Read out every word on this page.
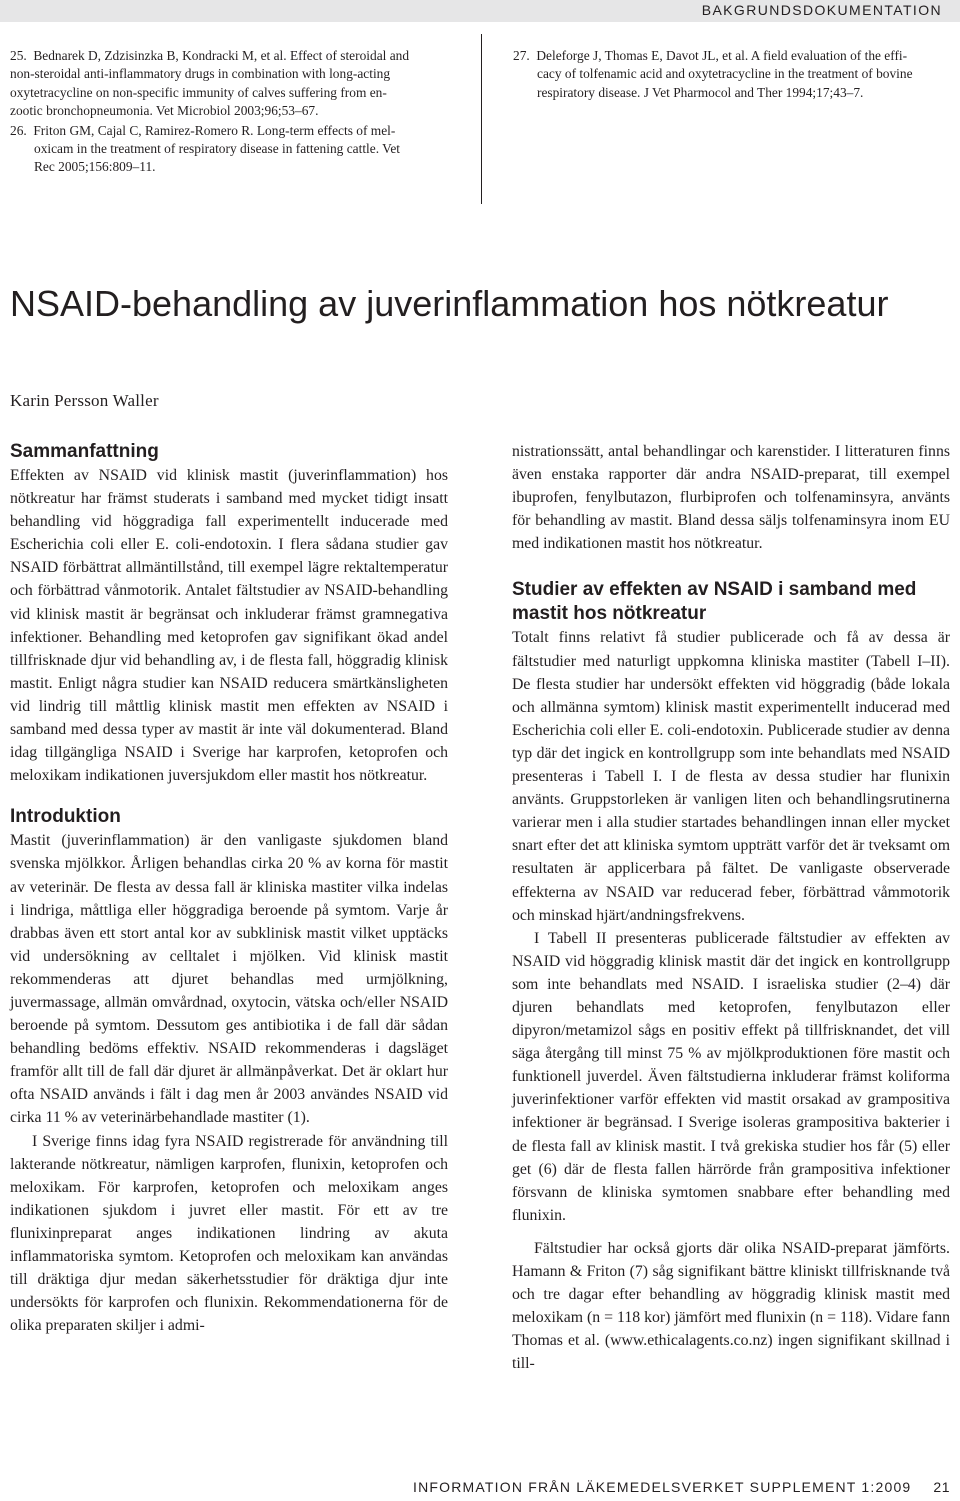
BAKGRUNDSDOKUMENTATION
25. Bednarek D, Zdzisinzka B, Kondracki M, et al. Effect of steroidal and
non-steroidal anti-inflammatory drugs in combination with long-acting
oxytetracycline on non-specific immunity of calves suffering from en-
zootic bronchopneumonia. Vet Microbiol 2003;96;53–67.
26. Friton GM, Cajal C, Ramirez-Romero R. Long-term effects of mel-
oxicam in the treatment of respiratory disease in fattening cattle. Vet
Rec 2005;156:809–11.
27. Deleforge J, Thomas E, Davot JL, et al. A field evaluation of the effi-
cacy of tolfenamic acid and oxytetracycline in the treatment of bovine
respiratory disease. J Vet Pharmocol and Ther 1994;17;43–7.
NSAID-behandling av juverinflammation hos nötkreatur
Karin Persson Waller
Sammanfattning

Effekten av NSAID vid klinisk mastit (juverinflammation) hos nötkreatur har främst studerats i samband med mycket tidigt insatt behandling vid höggradiga fall experimentellt inducerade med Escherichia coli eller E. coli-endotoxin. I flera sådana studier gav NSAID förbättrat allmäntillstånd, till exempel lägre rektaltemperatur och förbättrad vånmotorik. Antalet fältstudier av NSAID-behandling vid klinisk mastit är begränsat och inkluderar främst gramnegativa infektioner. Behandling med ketoprofen gav signifikant ökad andel tillfrisknade djur vid behandling av, i de flesta fall, höggradig klinisk mastit. Enligt några studier kan NSAID reducera smärtkänsligheten vid lindrig till måttlig klinisk mastit men effekten av NSAID i samband med dessa typer av mastit är inte väl dokumenterad. Bland idag tillgängliga NSAID i Sverige har karprofen, ketoprofen och meloxikam indikationen juversjukdom eller mastit hos nötkreatur.

Introduktion

Mastit (juverinflammation) är den vanligaste sjukdomen bland svenska mjölkkor. Årligen behandlas cirka 20 % av korna för mastit av veterinär. De flesta av dessa fall är kliniska mastiter vilka indelas i lindriga, måttliga eller höggradiga beroende på symtom. Varje år drabbas även ett stort antal kor av subklinisk mastit vilket upptäcks vid undersökning av celltalet i mjölken. Vid klinisk mastit rekommenderas att djuret behandlas med urmjölkning, juvermassage, allmän omvårdnad, oxytocin, vätska och/eller NSAID beroende på symtom. Dessutom ges antibiotika i de fall där sådan behandling bedöms effektiv. NSAID rekommenderas i dagsläget framför allt till de fall där djuret är allmänpåverkat. Det är oklart hur ofta NSAID används i fält i dag men år 2003 användes NSAID vid cirka 11 % av veterinärbehandlade mastiter (1).

I Sverige finns idag fyra NSAID registrerade för användning till lakterande nötkreatur, nämligen karprofen, flunixin, ketoprofen och meloxikam. För karprofen, ketoprofen och meloxikam anges indikationen sjukdom i juvret eller mastit. För ett av tre flunixinpreparat anges indikationen lindring av akuta inflammatoriska symtom. Ketoprofen och meloxikam kan användas till dräktiga djur medan säkerhetsstudier för dräktiga djur inte undersökts för karprofen och flunixin. Rekommendationerna för de olika preparaten skiljer i admi-

nistrationssätt, antal behandlingar och karenstider. I litteraturen finns även enstaka rapporter där andra NSAID-preparat, till exempel ibuprofen, fenylbutazon, flurbiprofen och tolfenaminsyra, använts för behandling av mastit. Bland dessa säljs tolfenaminsyra inom EU med indikationen mastit hos nötkreatur.

Studier av effekten av NSAID i samband med mastit hos nötkreatur

Totalt finns relativt få studier publicerade och få av dessa är fältstudier med naturligt uppkomna kliniska mastiter (Tabell I–II). De flesta studier har undersökt effekten vid höggradig (både lokala och allmänna symtom) klinisk mastit experimentellt inducerad med Escherichia coli eller E. coli-endotoxin. Publicerade studier av denna typ där det ingick en kontrollgrupp som inte behandlats med NSAID presenteras i Tabell I. I de flesta av dessa studier har flunixin använts. Gruppstorleken är vanligen liten och behandlingsrutinerna varierar men i alla studier startades behandlingen innan eller mycket snart efter det att kliniska symtom uppträtt varför det är tveksamt om resultaten är applicerbara på fältet. De vanligaste observerade effekterna av NSAID var reducerad feber, förbättrad våmmotorik och minskad hjärt/andningsfrekvens.

I Tabell II presenteras publicerade fältstudier av effekten av NSAID vid höggradig klinisk mastit där det ingick en kontrollgrupp som inte behandlats med NSAID. I israeliska studier (2–4) där djuren behandlats med ketoprofen, fenylbutazon eller dipyron/metamizol sågs en positiv effekt på tillfrisknandet, det vill säga återgång till minst 75 % av mjölkproduktionen före mastit och funktionell juverdel. Även fältstudierna inkluderar främst koliforma juverinfektioner varför effekten vid mastit orsakad av grampositiva infektioner är begränsad. I Sverige isoleras grampositiva bakterier i de flesta fall av klinisk mastit. I två grekiska studier hos får (5) eller get (6) där de flesta fallen härrörde från grampositiva infektioner försvann de kliniska symtomen snabbare efter behandling med flunixin.

Fältstudier har också gjorts där olika NSAID-preparat jämförts. Hamann & Friton (7) såg signifikant bättre kliniskt tillfrisknande två och tre dagar efter behandling av höggradig klinisk mastit med meloxikam (n = 118 kor) jämfört med flunixin (n = 118). Vidare fann Thomas et al. (www.ethicalagents.co.nz) ingen signifikant skillnad i till-

INFORMATION FRÅN LÄKEMEDELSVERKET SUPPLEMENT 1:2009 21
